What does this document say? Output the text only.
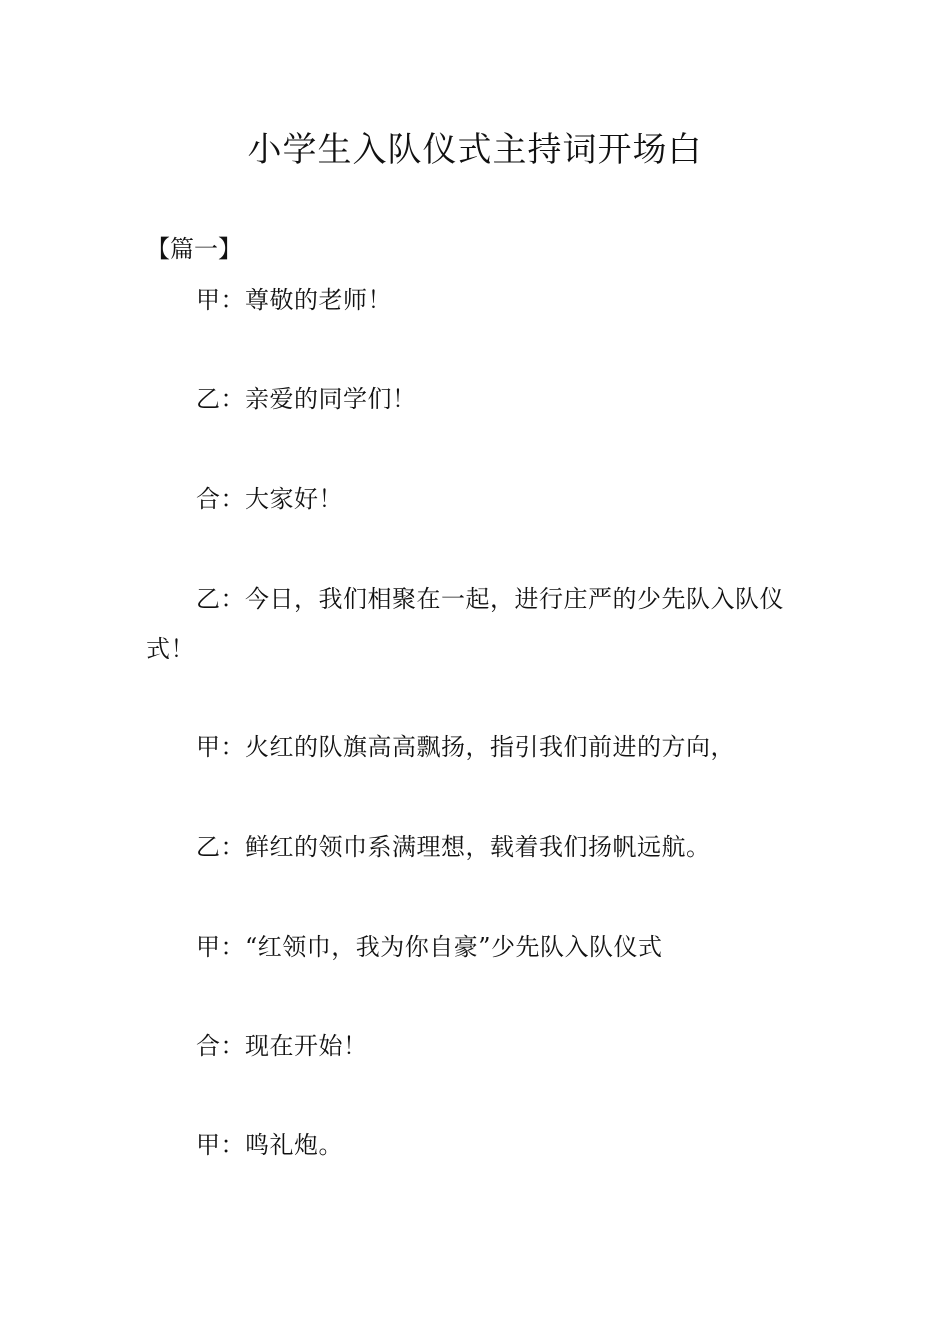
小学生入队仪式主持词开场白

【篇一】

甲：尊敬的老师！

乙：亲爱的同学们！

合：大家好！

乙：今日，我们相聚在一起，进行庄严的少先队入队仪式！

甲：火红的队旗高高飘扬，指引我们前进的方向，

乙：鲜红的领巾系满理想，载着我们扬帆远航。

甲：“红领巾，我为你自豪”少先队入队仪式

合：现在开始！

甲：鸣礼炮。
